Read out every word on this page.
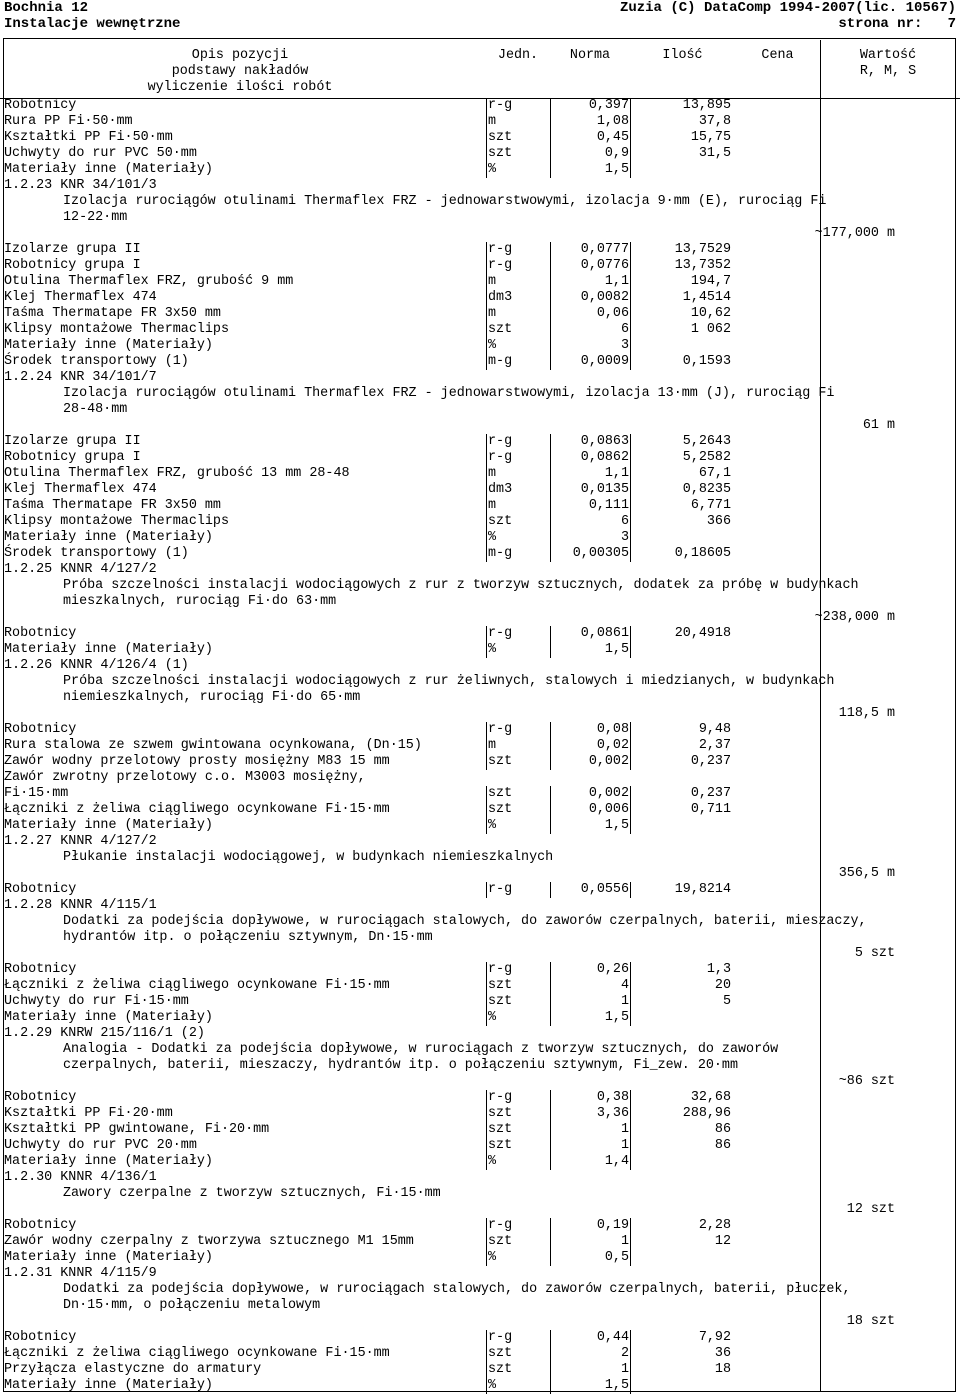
Bochnia 12	Zuzia (C) DataComp 1994-2007(lic. 10567)
Instalacje wewnętrzne	strona nr:   7
Opis pozycji
podstawy nakładów
wyliczenie ilości robót
Jedn.	Norma	Ilość	Cena	Wartość
R, M, S
Robotnicy	r-g	0,397	13,895
Rura PP Fi·50·mm	m	1,08	37,8
Kształtki PP Fi·50·mm	szt	0,45	15,75
Uchwyty do rur PVC 50·mm	szt	0,9	31,5
Materiały inne (Materiały)	%	1,5
1.2.23 KNR 34/101/3
Izolacja rurociągów otulinami Thermaflex FRZ - jednowarstwowymi, izolacja 9·mm (E), rurociąg Fi
12-22·mm
~177,000 m
Izolarze grupa II	r-g	0,0777	13,7529
Robotnicy grupa I	r-g	0,0776	13,7352
Otulina Thermaflex FRZ, grubość 9 mm	m	1,1	194,7
Klej Thermaflex 474	dm3	0,0082	1,4514
Taśma Thermatape FR 3x50 mm	m	0,06	10,62
Klipsy montażowe Thermaclips	szt	6	1 062
Materiały inne (Materiały)	%	3
Środek transportowy (1)	m-g	0,0009	0,1593
1.2.24 KNR 34/101/7
Izolacja rurociągów otulinami Thermaflex FRZ - jednowarstwowymi, izolacja 13·mm (J), rurociąg Fi
28-48·mm
61 m
Izolarze grupa II	r-g	0,0863	5,2643
Robotnicy grupa I	r-g	0,0862	5,2582
Otulina Thermaflex FRZ, grubość 13 mm 28-48	m	1,1	67,1
Klej Thermaflex 474	dm3	0,0135	0,8235
Taśma Thermatape FR 3x50 mm	m	0,111	6,771
Klipsy montażowe Thermaclips	szt	6	366
Materiały inne (Materiały)	%	3
Środek transportowy (1)	m-g	0,00305	0,18605
1.2.25 KNNR 4/127/2
Próba szczelności instalacji wodociągowych z rur z tworzyw sztucznych, dodatek za próbę w budynkach
mieszkalnych, rurociąg Fi·do 63·mm
~238,000 m
Robotnicy	r-g	0,0861	20,4918
Materiały inne (Materiały)	%	1,5
1.2.26 KNNR 4/126/4 (1)
Próba szczelności instalacji wodociągowych z rur żeliwnych, stalowych i miedzianych, w budynkach
niemieszkalnych, rurociąg Fi·do 65·mm
118,5 m
Robotnicy	r-g	0,08	9,48
Rura stalowa ze szwem gwintowana ocynkowana, (Dn·15)	m	0,02	2,37
Zawór wodny przelotowy prosty mosiężny M83 15 mm	szt	0,002	0,237
Zawór zwrotny przelotowy c.o. M3003 mosiężny,
Fi·15·mm	szt	0,002	0,237
Łączniki z żeliwa ciągliwego ocynkowane Fi·15·mm	szt	0,006	0,711
Materiały inne (Materiały)	%	1,5
1.2.27 KNNR 4/127/2
Płukanie instalacji wodociągowej, w budynkach niemieszkalnych
356,5 m
Robotnicy	r-g	0,0556	19,8214
1.2.28 KNNR 4/115/1
Dodatki za podejścia dopływowe, w rurociągach stalowych, do zaworów czerpalnych, baterii, mieszaczy,
hydrantów itp. o połączeniu sztywnym, Dn·15·mm
5 szt
Robotnicy	r-g	0,26	1,3
Łączniki z żeliwa ciągliwego ocynkowane Fi·15·mm	szt	4	20
Uchwyty do rur Fi·15·mm	szt	1	5
Materiały inne (Materiały)	%	1,5
1.2.29 KNRW 215/116/1 (2)
Analogia - Dodatki za podejścia dopływowe, w rurociągach z tworzyw sztucznych, do zaworów
czerpalnych, baterii, mieszaczy, hydrantów itp. o połączeniu sztywnym, Fi_zew. 20·mm
~86 szt
Robotnicy	r-g	0,38	32,68
Kształtki PP Fi·20·mm	szt	3,36	288,96
Kształtki PP gwintowane, Fi·20·mm	szt	1	86
Uchwyty do rur PVC 20·mm	szt	1	86
Materiały inne (Materiały)	%	1,4
1.2.30 KNNR 4/136/1
Zawory czerpalne z tworzyw sztucznych, Fi·15·mm
12 szt
Robotnicy	r-g	0,19	2,28
Zawór wodny czerpalny z tworzywa sztucznego M1 15mm	szt	1	12
Materiały inne (Materiały)	%	0,5
1.2.31 KNNR 4/115/9
Dodatki za podejścia dopływowe, w rurociągach stalowych, do zaworów czerpalnych, baterii, płuczek,
Dn·15·mm, o połączeniu metalowym
18 szt
Robotnicy	r-g	0,44	7,92
Łączniki z żeliwa ciągliwego ocynkowane Fi·15·mm	szt	2	36
Przyłącza elastyczne do armatury	szt	1	18
Materiały inne (Materiały)	%	1,5
